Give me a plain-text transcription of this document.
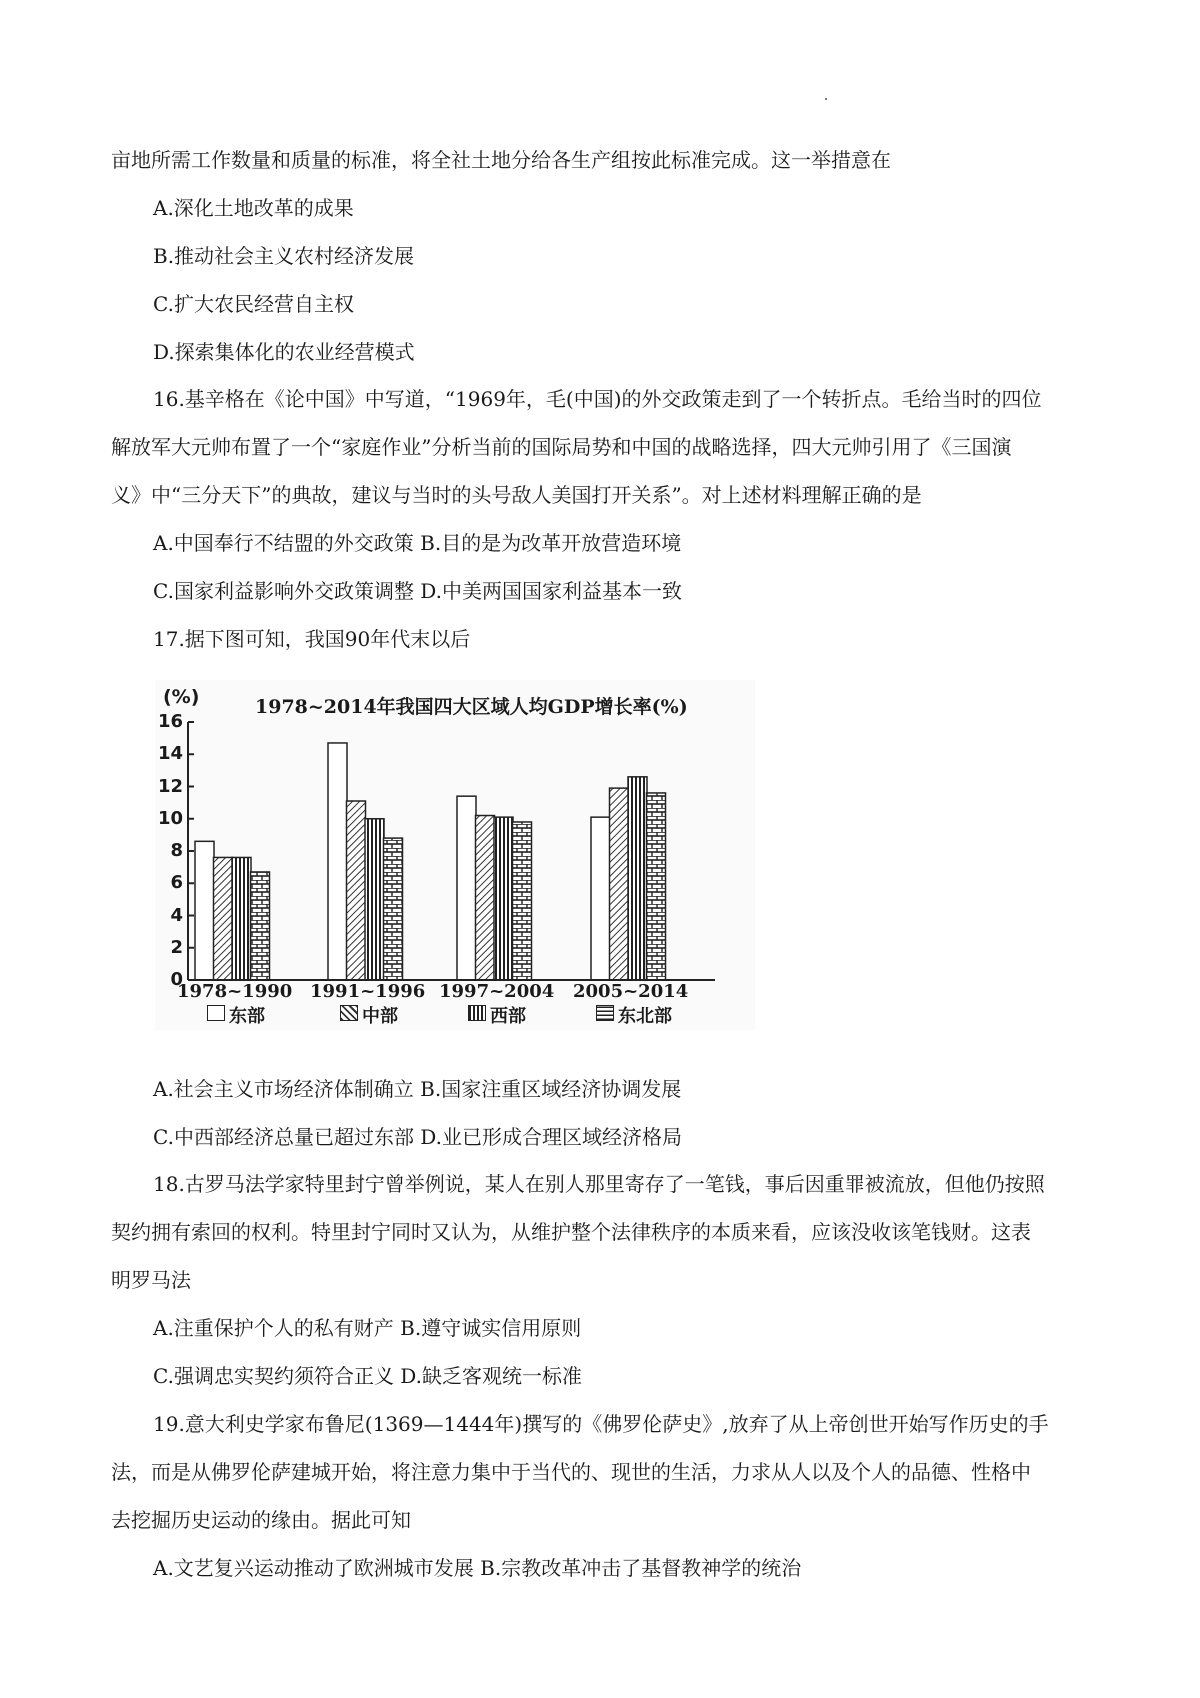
亩地所需工作数量和质量的标准，将全社土地分给各生产组按此标准完成。这一举措意在
A.深化土地改革的成果
B.推动社会主义农村经济发展
C.扩大农民经营自主权
D.探索集体化的农业经营模式
16.基辛格在《论中国》中写道，“1969年，毛(中国)的外交政策走到了一个转折点。毛给当时的四位
解放军大元帅布置了一个“家庭作业”分析当前的国际局势和中国的战略选择，四大元帅引用了《三国演
义》中“三分天下”的典故，建议与当时的头号敌人美国打开关系”。对上述材料理解正确的是
A.中国奉行不结盟的外交政策 B.目的是为改革开放营造环境
C.国家利益影响外交政策调整 D.中美两国国家利益基本一致
17.据下图可知，我国90年代末以后
(%)	1978~2014年我国四大区域人均GDP增长率(%)
0
2
4
6
8
10
12
14
16
1978~1990 1991~1996 1997~2004 2005~2014
东部	中部	西部	东北部
A.社会主义市场经济体制确立 B.国家注重区域经济协调发展
C.中西部经济总量已超过东部 D.业已形成合理区域经济格局
18.古罗马法学家特里封宁曾举例说，某人在别人那里寄存了一笔钱，事后因重罪被流放，但他仍按照
契约拥有索回的权利。特里封宁同时又认为，从维护整个法律秩序的本质来看，应该没收该笔钱财。这表
明罗马法
A.注重保护个人的私有财产 B.遵守诚实信用原则
C.强调忠实契约须符合正义 D.缺乏客观统一标准
19.意大利史学家布鲁尼(1369—1444年)撰写的《佛罗伦萨史》,放弃了从上帝创世开始写作历史的手
法，而是从佛罗伦萨建城开始，将注意力集中于当代的、现世的生活，力求从人以及个人的品德、性格中
去挖掘历史运动的缘由。据此可知
A.文艺复兴运动推动了欧洲城市发展 B.宗教改革冲击了基督教神学的统治
